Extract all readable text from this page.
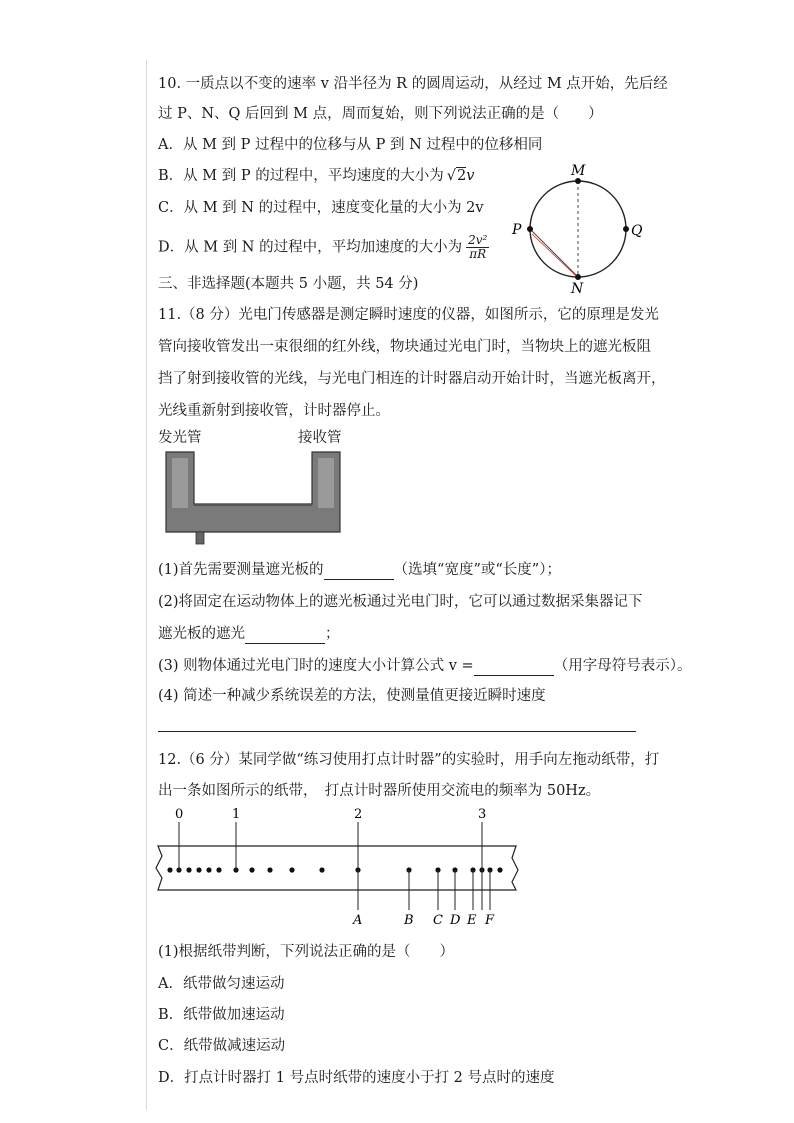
10. 一质点以不变的速率 v 沿半径为 R 的圆周运动，从经过 M 点开始，先后经
过 P、N、Q 后回到 M 点，周而复始，则下列说法正确的是（　　）
A．从 M 到 P 过程中的位移与从 P 到 N 过程中的位移相同
B．从 M 到 P 的过程中，平均速度的大小为 √2v
C．从 M 到 N 的过程中，速度变化量的大小为 2v
D．从 M 到 N 的过程中，平均加速度的大小为 $\frac{\text{2v²}}{\pi R}$
M
P	Q
N
三、非选择题(本题共 5 小题，共 54 分)
11.（8 分）光电门传感器是测定瞬时速度的仪器，如图所示，它的原理是发光
管向接收管发出一束很细的红外线，物块通过光电门时，当物块上的遮光板阻
挡了射到接收管的光线，与光电门相连的计时器启动开始计时，当遮光板离开，
光线重新射到接收管，计时器停止。
发光管	接收管
(1)首先需要测量遮光板的	（选填“宽度”或“长度”）；
(2)将固定在运动物体上的遮光板通过光电门时，它可以通过数据采集器记下
遮光板的遮光	；
(3) 则物体通过光电门时的速度大小计算公式 v =	（用字母符号表示）。
(4) 简述一种减少系统误差的方法，使测量值更接近瞬时速度
12.（6 分）某同学做“练习使用打点计时器”的实验时，用手向左拖动纸带，打
出一条如图所示的纸带，　打点计时器所使用交流电的频率为 50Hz。
0	1	2	3
A	B C D E F
(1)根据纸带判断，下列说法正确的是（　　）
A．纸带做匀速运动
B．纸带做加速运动
C．纸带做减速运动
D．打点计时器打 1 号点时纸带的速度小于打 2 号点时的速度
